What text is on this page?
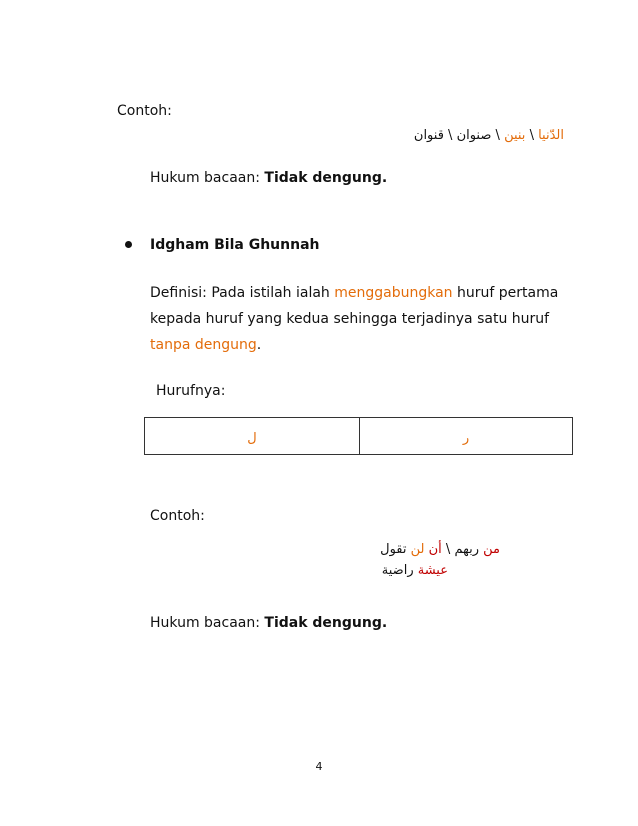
Contoh:
الدّنيا \ بنين \ صنوان \ قنوان
Hukum bacaan: Tidak dengung.
Idgham Bila Ghunnah
Definisi: Pada istilah ialah menggabungkan huruf pertama
kepada huruf yang kedua sehingga terjadinya satu huruf
tanpa dengung.
Hurufnya:
ل	ر
Contoh:
من ربهم \ أن لن تقول
عيشة راضية
Hukum bacaan: Tidak dengung.
4
